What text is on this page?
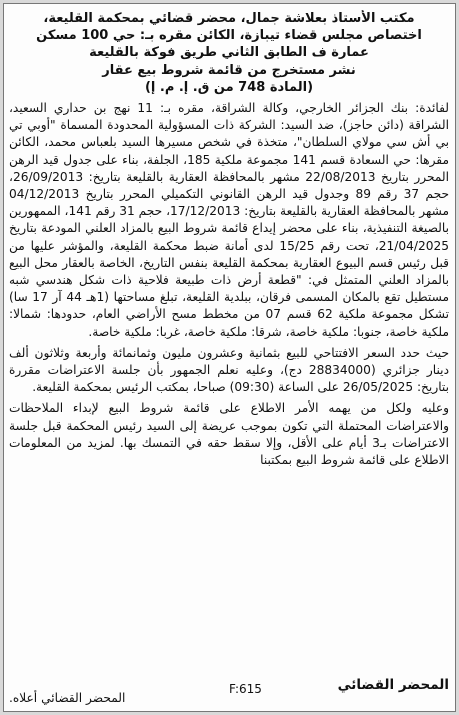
مكتب الأستاذ بعلاشة جمال، محضر قضائي بمحكمة القليعة،

اختصاص مجلس قضاء تيبازة، الكائن مقره بـ: حي 100 مسكن

عمارة ف الطابق الثاني طريق فوكة بالقليعة

نشر مستخرج من قائمة شروط بيع عقار

(المادة 748 من ق. إ. م. إ)

لفائدة: بنك الجزائر الخارجي، وكالة الشراقة، مقره بـ: 11 نهج بن حداري السعيد، الشراقة (دائن حاجز)، ضد السيد: الشركة ذات المسؤولية المحدودة المسماة "أوبي تي بي أش سي مولاي السلطان"، متخذة في شخص مسيرها السيد بلعباس محمد، الكائن مقرها: حي السعادة قسم 141 مجموعة ملكية 185، الجلفة، بناء على جدول قيد الرهن المحرر بتاريخ 22/08/2013 مشهر بالمحافظة العقارية بالقليعة بتاريخ: 26/09/2013، حجم 37 رقم 89 وجدول قيد الرهن القانوني التكميلي المحرر بتاريخ 04/12/2013 مشهر بالمحافظة العقارية بالقليعة بتاريخ: 17/12/2013، حجم 31 رقم 141، الممهورين بالصيغة التنفيذية، بناء على محضر إيداع قائمة شروط البيع بالمزاد العلني المودعة بتاريخ 21/04/2025، تحت رقم 15/25 لدى أمانة ضبط محكمة القليعة، والمؤشر عليها من قبل رئيس قسم البيوع العقارية بمحكمة القليعة بنفس التاريخ، الخاصة بالعقار محل البيع بالمزاد العلني المتمثل في: "قطعة أرض ذات طبيعة فلاحية ذات شكل هندسي شبه مستطيل تقع بالمكان المسمى فرقان، ببلدية القليعة، تبلغ مساحتها (1هـ 44 آر 17 سا) تشكل مجموعة ملكية 62 قسم 07 من مخطط مسح الأراضي العام، حدودها: شمالا: ملكية خاصة، جنوبا: ملكية خاصة، شرقا: ملكية خاصة، غربا: ملكية خاصة.

حيث حدد السعر الافتتاحي للبيع بثمانية وعشرون مليون وثمانمائة وأربعة وثلاثون ألف دينار جزائري (28834000 دج)، وعليه نعلم الجمهور بأن جلسة الاعتراضات مقررة بتاريخ: 26/05/2025 على الساعة (09:30) صباحا، بمكتب الرئيس بمحكمة القليعة.

وعليه ولكل من يهمه الأمر الاطلاع على قائمة شروط البيع لإبداء الملاحظات والاعتراضات المحتملة التي تكون بموجب عريضة إلى السيد رئيس المحكمة قبل جلسة الاعتراضات بـ3 أيام على الأقل، وإلا سقط حقه في التمسك بها. لمزيد من المعلومات الاطلاع على قائمة شروط البيع بمكتبنا

المحضر القضائي
F:615
المحضر القضائي أعلاه.
